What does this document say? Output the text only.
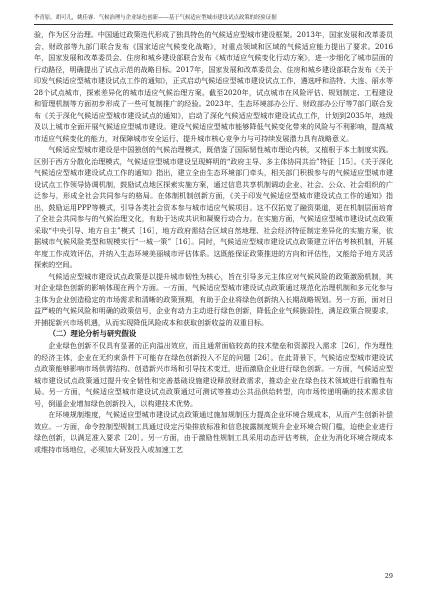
李青原，胡可儿，姚佳睿．气候治理与企业绿色创新——基于气候适应型城市建设试点政策的经验证据

验，作为区分治理。中国通过政策迭代形成了独具特色的气候适应型城市建设框架。2013年，国家发展和改革委员会、财政部等九部门联合发布《国家适应气候变化战略》，对重点领域和区域的气候适应能力提出了要求。2016年，国家发展和改革委员会、住房和城乡建设部联合发布《城市适应气候变化行动方案》，进一步细化了城市层面的行动路径，明确提出了试点示范的战略目标。2017年，国家发展和改革委员会、住房和城乡建设部联合发布《关于印发气候适应型城市建设试点工作的通知》，正式启动气候适应型城市建设试点工作，遴选呼和浩特、大连、丽水等28个试点城市，探索差异化的城市适应气候治理方案。截至2020年，试点城市在风险评估、规划制定、工程建设和管理机制等方面初步形成了一些可复制推广的经验。2023年，生态环境部办公厅、财政部办公厅等7部门联合发布《关于深化气候适应型城市建设试点的通知》，启动了深化气候适应型城市建设试点工作，计划到2035年，地级及以上城市全面开展气候适应型城市建设。建设气候适应型城市能够降低气候变化带来的风险与不利影响，提高城市适应气候变化的能力，对保障城市安全运行、提升城市核心竞争力与可持续发展潜力具有战略意义。

气候适应型城市建设是中国独创的气候治理模式，既借鉴了国际韧性城市理论内核，又植根于本土制度实践。区别于西方分散化治理模式，气候适应型城市建设呈现鲜明的“政府主导、多主体协同共治”特征［15］。《关于深化气候适应型城市建设试点工作的通知》指出，建立全由生态环境部门牵头，相关部门积极参与的气候适应型城市建设试点工作领导协调机制，鼓励试点地区探索实施方案，通过信息共享机制调动企业、社会、公众、社会组织的广泛参与，形成全社会共同参与的格局。在体制机制创新方面，《关于印发气候适应型城市建设试点工作的通知》指出，鼓励运用PPP等模式，引导各类社会资本参与城市适应气候项目。这不仅拓宽了融资渠道，更在机制层面培育了全社会共同参与的气候治理文化，有助于达成共识和凝聚行动合力。在实施方面，气候适应型城市建设试点政策采取“中央引导、地方自主”模式［16］，地方政府需结合区域自然地理、社会经济特征制定差异化的实施方案，依据城市气候风险类型和规模实行“一城一策”［16］。同时，气候适应型城市建设试点政策建立评估考核机制，开展年度工作成效评估，并纳入生态环境美丽城市评估体系。这既能保证政策推进的方向和评估性，又能给予地方灵活探索的空间。

气候适应型城市建设试点政策是以提升城市韧性为核心，旨在引导多元主体应对气候风险的政策激励机制，其对企业绿色创新的影响体现在两个方面。一方面，气候适应型城市建设试点政策通过规范化治理机制和多元化参与主体为企业创造稳定的市场需求和清晰的政策预期，有助于企业将绿色创新纳入长期战略规划。另一方面，面对日益严峻的气候风险和明确的政策信号，企业有动力主动进行绿色创新，降低企业气候脆弱性，满足政策合规要求，并捕捉新兴市场机遇，从而实现降低风险成本和获取创新收益的双重目标。

（二）理论分析与研究假设

企业绿色创新不仅具有显著的正向溢出效应，而且通常面临较高的技术壁垒和资源投入需求［26］，作为理性的经济主体，企业在无约束条件下可能存在绿色创新投入不足的问题［26］。在此背景下，气候适应型城市建设试点政策能够影响市场供需结构、创造新兴市场和引导技术变迁，进而激励企业进行绿色创新。一方面，气候适应型城市建设试点政策通过提升安全韧性和完善基础设施建设释放财政需求，推动企业在绿色技术领域进行前瞻性布局。另一方面，气候适应型城市建设试点政策通过可测试等推动公共品供给转型，向市场传递明确的技术需求信号，倒逼企业增加绿色创新投入，以构建技术优势。

在环境规制维度，气候适应型城市建设试点政策通过施加规制压力提高企业环境合规成本，从而产生创新补偿效应。一方面，命令控制型规制工具通过设定污染排放标准和信息披露制度规升企业环境合规门槛，迫使企业进行绿色创新，以满足准入要求［20］。另一方面，由于激励性规制工具采用动态评估考核，企业为消化环境合规成本或维持市场地位，必须加大研发投入或加速工艺

29
